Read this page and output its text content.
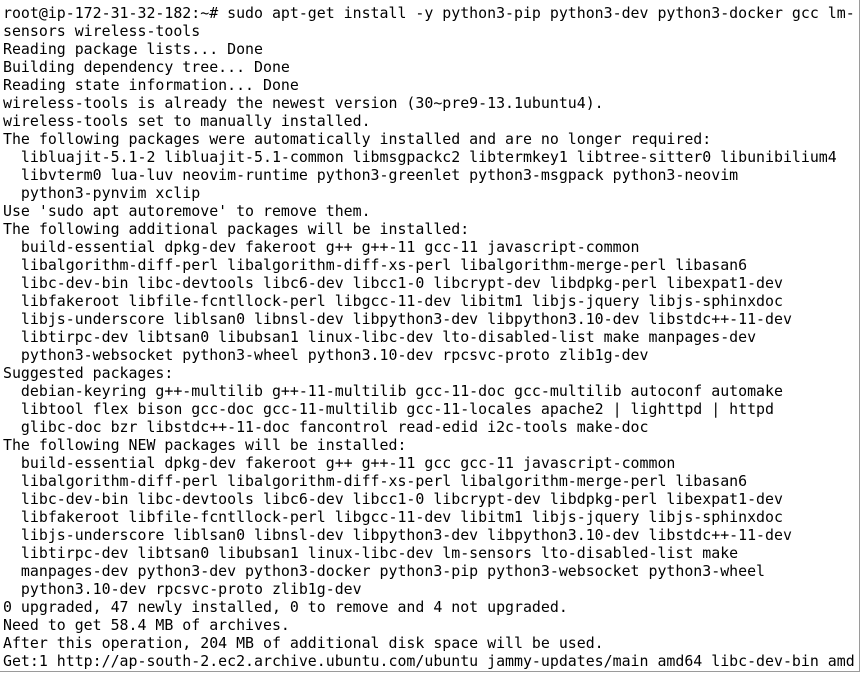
root@ip-172-31-32-182:~# sudo apt-get install -y python3-pip python3-dev python3-docker gcc lm-
sensors wireless-tools
Reading package lists... Done
Building dependency tree... Done
Reading state information... Done
wireless-tools is already the newest version (30~pre9-13.1ubuntu4).
wireless-tools set to manually installed.
The following packages were automatically installed and are no longer required:
libluajit-5.1-2 libluajit-5.1-common libmsgpackc2 libtermkey1 libtree-sitter0 libunibilium4
libvterm0 lua-luv neovim-runtime python3-greenlet python3-msgpack python3-neovim
python3-pynvim xclip
Use 'sudo apt autoremove' to remove them.
The following additional packages will be installed:
build-essential dpkg-dev fakeroot g++ g++-11 gcc-11 javascript-common
libalgorithm-diff-perl libalgorithm-diff-xs-perl libalgorithm-merge-perl libasan6
libc-dev-bin libc-devtools libc6-dev libcc1-0 libcrypt-dev libdpkg-perl libexpat1-dev
libfakeroot libfile-fcntllock-perl libgcc-11-dev libitm1 libjs-jquery libjs-sphinxdoc
libjs-underscore liblsan0 libnsl-dev libpython3-dev libpython3.10-dev libstdc++-11-dev
libtirpc-dev libtsan0 libubsan1 linux-libc-dev lto-disabled-list make manpages-dev
python3-websocket python3-wheel python3.10-dev rpcsvc-proto zlib1g-dev
Suggested packages:
debian-keyring g++-multilib g++-11-multilib gcc-11-doc gcc-multilib autoconf automake
libtool flex bison gcc-doc gcc-11-multilib gcc-11-locales apache2 | lighttpd | httpd
glibc-doc bzr libstdc++-11-doc fancontrol read-edid i2c-tools make-doc
The following NEW packages will be installed:
build-essential dpkg-dev fakeroot g++ g++-11 gcc gcc-11 javascript-common
libalgorithm-diff-perl libalgorithm-diff-xs-perl libalgorithm-merge-perl libasan6
libc-dev-bin libc-devtools libc6-dev libcc1-0 libcrypt-dev libdpkg-perl libexpat1-dev
libfakeroot libfile-fcntllock-perl libgcc-11-dev libitm1 libjs-jquery libjs-sphinxdoc
libjs-underscore liblsan0 libnsl-dev libpython3-dev libpython3.10-dev libstdc++-11-dev
libtirpc-dev libtsan0 libubsan1 linux-libc-dev lm-sensors lto-disabled-list make
manpages-dev python3-dev python3-docker python3-pip python3-websocket python3-wheel
python3.10-dev rpcsvc-proto zlib1g-dev
0 upgraded, 47 newly installed, 0 to remove and 4 not upgraded.
Need to get 58.4 MB of archives.
After this operation, 204 MB of additional disk space will be used.
Get:1 http://ap-south-2.ec2.archive.ubuntu.com/ubuntu jammy-updates/main amd64 libc-dev-bin amd
